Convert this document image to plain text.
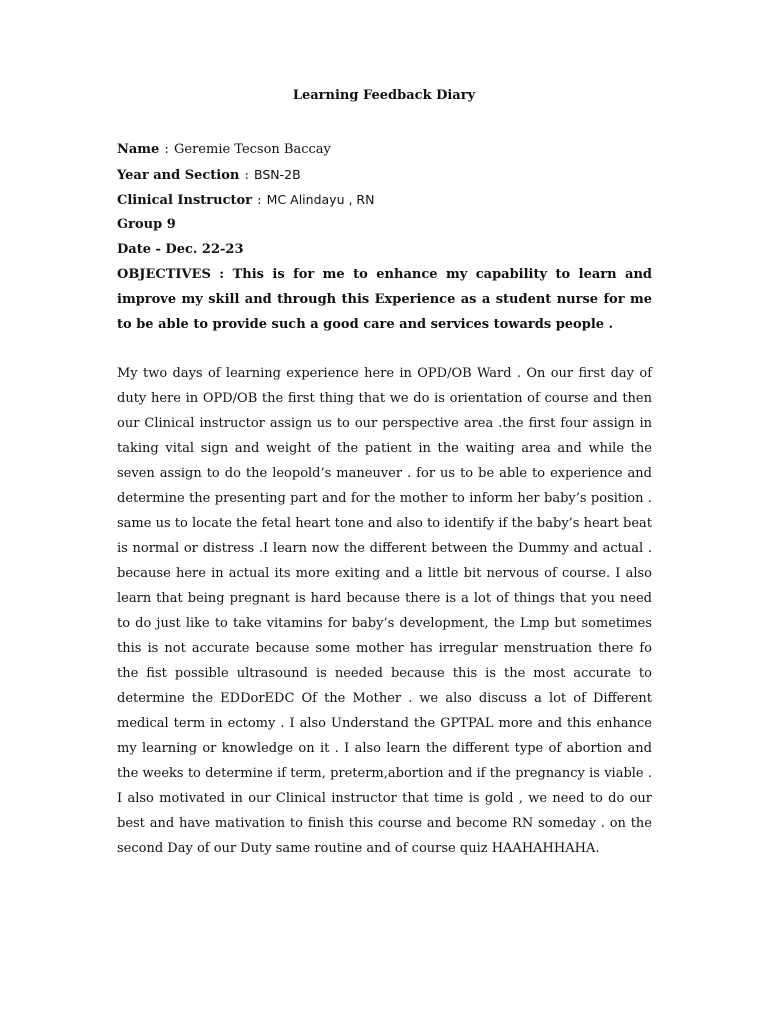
Learning Feedback Diary
Name : Geremie Tecson Baccay
Year and Section : BSN-2B
Clinical Instructor : MC Alindayu , RN
Group 9
Date - Dec. 22-23
OBJECTIVES : This is for me to enhance my capability to learn and improve my skill and through this Experience as a student nurse for me to be able to provide such a good care and services towards people .
My two days of learning experience here in OPD/OB Ward . On our first day of duty here in OPD/OB the first thing that we do is orientation of course and then our Clinical instructor assign us to our perspective area .the first four assign in taking vital sign and weight of the patient in the waiting area and while the seven assign to do the leopold’s maneuver . for us to be able to experience and determine the presenting part and for the mother to inform her baby’s position . same us to locate the fetal heart tone and also to identify if the baby’s heart beat is normal or distress .I learn now the different between the Dummy and actual . because here in actual its more exiting and a little bit nervous of course. I also learn that being pregnant is hard because there is a lot of things that you need to do just like to take vitamins for baby’s development, the Lmp but sometimes this is not accurate because some mother has irregular menstruation there fo the fist possible ultrasound is needed because this is the most accurate to determine the EDDorEDC Of the Mother . we also discuss a lot of Different medical term in ectomy . I also Understand the GPTPAL more and this enhance my learning or knowledge on it . I also learn the different type of abortion and the weeks to determine if term, preterm,abortion and if the pregnancy is viable . I also motivated in our Clinical instructor that time is gold , we need to do our best and have mativation to finish this course and become RN someday . on the second Day of our Duty same routine and of course quiz HAAHAHHAHA.
